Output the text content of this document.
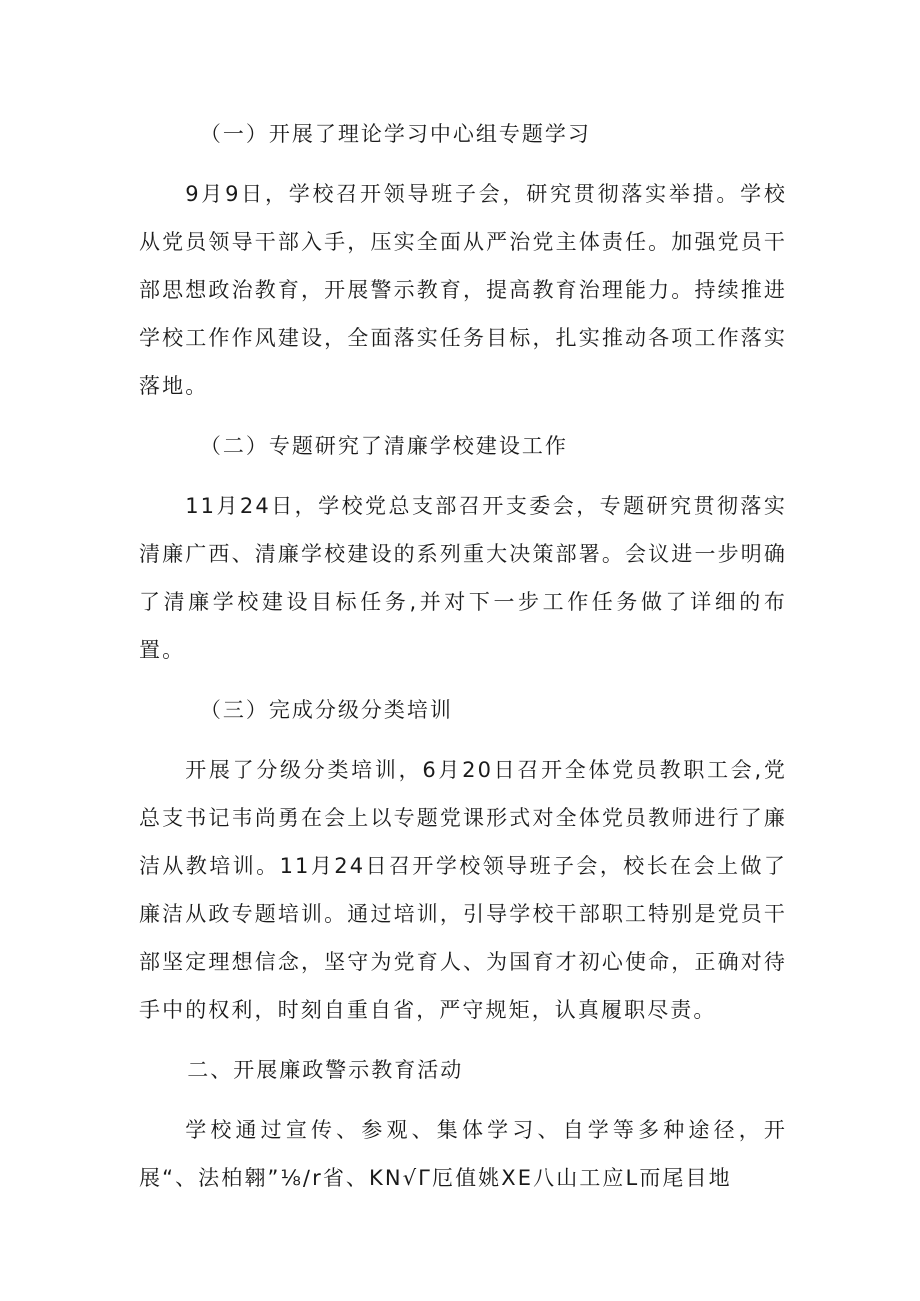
（一）开展了理论学习中心组专题学习

9月9日，学校召开领导班子会，研究贯彻落实举措。学校从党员领导干部入手，压实全面从严治党主体责任。加强党员干部思想政治教育，开展警示教育，提高教育治理能力。持续推进学校工作作风建设，全面落实任务目标，扎实推动各项工作落实落地。

（二）专题研究了清廉学校建设工作

11月24日，学校党总支部召开支委会，专题研究贯彻落实清廉广西、清廉学校建设的系列重大决策部署。会议进一步明确了清廉学校建设目标任务,并对下一步工作任务做了详细的布置。

（三）完成分级分类培训

开展了分级分类培训，6月20日召开全体党员教职工会,党总支书记韦尚勇在会上以专题党课形式对全体党员教师进行了廉洁从教培训。11月24日召开学校领导班子会，校长在会上做了廉洁从政专题培训。通过培训，引导学校干部职工特别是党员干部坚定理想信念，坚守为党育人、为国育才初心使命，正确对待手中的权利，时刻自重自省，严守规矩，认真履职尽责。

二、开展廉政警示教育活动

学校通过宣传、参观、集体学习、自学等多种途径，开展“、法柏翱”⅛∕r省、KN√Γ厄值姚XE八山工应L而尾目地
